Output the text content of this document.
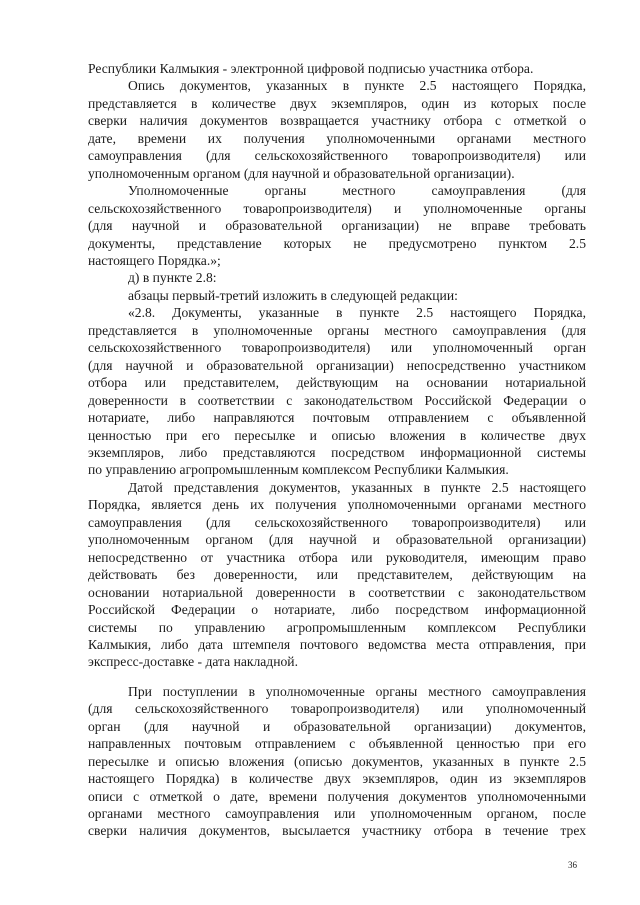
Республики Калмыкия - электронной цифровой подписью участника отбора.
Опись документов, указанных в пункте 2.5 настоящего Порядка,
представляется в количестве двух экземпляров, один из которых после
сверки наличия документов возвращается участнику отбора с отметкой о
дате, времени их получения уполномоченными органами местного
самоуправления (для сельскохозяйственного товаропроизводителя) или
уполномоченным органом (для научной и образовательной организации).
Уполномоченные органы местного самоуправления (для
сельскохозяйственного товаропроизводителя) и уполномоченные органы
(для научной и образовательной организации) не вправе требовать
документы, представление которых не предусмотрено пунктом 2.5
настоящего Порядка.»;
д) в пункте 2.8:
абзацы первый-третий изложить в следующей редакции:
«2.8. Документы, указанные в пункте 2.5 настоящего Порядка,
представляется в уполномоченные органы местного самоуправления (для
сельскохозяйственного товаропроизводителя) или уполномоченный орган
(для научной и образовательной организации) непосредственно участником
отбора или представителем, действующим на основании нотариальной
доверенности в соответствии с законодательством Российской Федерации о
нотариате, либо направляются почтовым отправлением с объявленной
ценностью при его пересылке и описью вложения в количестве двух
экземпляров, либо представляются посредством информационной системы
по управлению агропромышленным комплексом Республики Калмыкия.
Датой представления документов, указанных в пункте 2.5 настоящего
Порядка, является день их получения уполномоченными органами местного
самоуправления (для сельскохозяйственного товаропроизводителя) или
уполномоченным органом (для научной и образовательной организации)
непосредственно от участника отбора или руководителя, имеющим право
действовать без доверенности, или представителем, действующим на
основании нотариальной доверенности в соответствии с законодательством
Российской Федерации о нотариате, либо посредством информационной
системы по управлению агропромышленным комплексом Республики
Калмыкия, либо дата штемпеля почтового ведомства места отправления, при
экспресс-доставке - дата накладной.
При поступлении в уполномоченные органы местного самоуправления
(для сельскохозяйственного товаропроизводителя) или уполномоченный
орган (для научной и образовательной организации) документов,
направленных почтовым отправлением с объявленной ценностью при его
пересылке и описью вложения (описью документов, указанных в пункте 2.5
настоящего Порядка) в количестве двух экземпляров, один из экземпляров
описи с отметкой о дате, времени получения документов уполномоченными
органами местного самоуправления или уполномоченным органом, после
сверки наличия документов, высылается участнику отбора в течение трех
36
